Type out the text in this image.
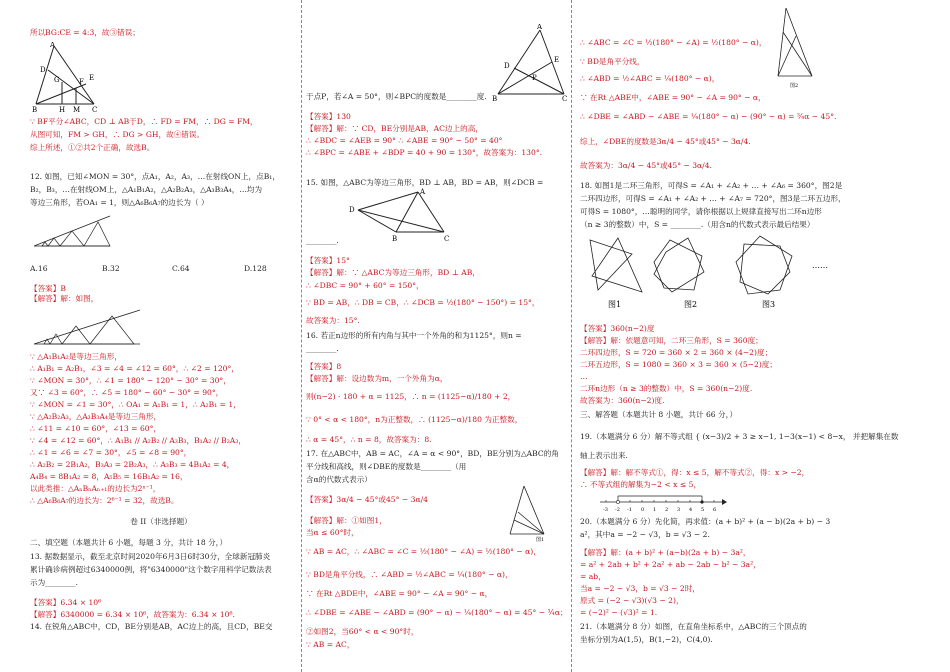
所以BG:CE = 4:3，故③错误；
A
D
G	F E
B	H M C
∵ BF平分∠ABC，CD ⊥ AB于D，∴ FD = FM，∴ DG = FM，
从图可知，FM > GH，∴ DG > GH，故④错误。
综上所述，①②共2个正确，故选B。
12. 如图，已知∠MON = 30°，点A₁，A₂，A₃，…在射线ON上，点B₁，
B₂，B₃，…在射线OM上，△A₁B₁A₂，△A₂B₂A₃，△A₃B₃A₄，…均为
等边三角形，若OA₁ = 1，则△A₆B₆A₇的边长为（ ）
A.16	B.32	C.64	D.128
【答案】B
【解答】解：如图，
∵ △A₁B₁A₂是等边三角形，
∴ A₁B₁ = A₂B₁，∠3 = ∠4 = ∠12 = 60°，∴ ∠2 = 120°，
∵ ∠MON = 30°，∴ ∠1 = 180° − 120° − 30° = 30°，
又∵ ∠3 = 60°，∴ ∠5 = 180° − 60° − 30° = 90°，
∵ ∠MON = ∠1 = 30°，∴ OA₁ = A₁B₁ = 1，∴ A₂B₁ = 1，
∵ △A₂B₂A₃，△A₃B₃A₄是等边三角形，
∴ ∠11 = ∠10 = 60°，∠13 = 60°，
∵ ∠4 = ∠12 = 60°，∴ A₁B₁ // A₂B₂ // A₃B₃，B₁A₂ // B₂A₃，
∴ ∠1 = ∠6 = ∠7 = 30°，∠5 = ∠8 = 90°，
∴ A₂B₂ = 2B₁A₂，B₃A₃ = 2B₂A₃，∴ A₃B₃ = 4B₁A₂ = 4，
A₄B₄ = 8B₁A₂ = 8，A₅B₅ = 16B₁A₂ = 16，
以此类推：△AₙBₙAₙ₊₁的边长为2ⁿ⁻¹，
∴ △A₆B₆A₇的边长为：2⁶⁻¹ = 32，故选B。
卷 II（非选择题）
二、填空题（本题共计 6 小题，每题 3 分，共计 18 分，）
13. 据数据显示，截至北京时间2020年6月3日6时30分，全球新冠肺炎
累计确诊病例超过6340000例，将"6340000"这个数字用科学记数法表
示为________.
【答案】6.34 × 10⁶
【解答】6340000 = 6.34 × 10⁶，故答案为：6.34 × 10⁶.
14. 在锐角△ABC中，CD，BE分别是AB，AC边上的高，且CD，BE交
A
D
E
P
B	C
于点P，若∠A = 50°，则∠BPC的度数是________度.
【答案】130
【解答】解：∵ CD，BE分别是AB，AC边上的高，
∴ ∠BDC = ∠AEB = 90° ∴ ∠ABE = 90° − 50° = 40°
∴ ∠BPC = ∠ABE + ∠BDP = 40 + 90 = 130°，故答案为：130°.
15. 如图，△ABC为等边三角形，BD ⊥ AB，BD = AB，则∠DCB =
A
D
B	C
________.
【答案】15°
【解答】解：∵ △ABC为等边三角形，BD ⊥ AB，
∴ ∠DBC = 90° + 60° = 150°，
∵ BD = AB，∴ DB = CB，∴ ∠DCB = ½(180° − 150°) = 15°，
故答案为：15°.
16. 若正n边形的所有内角与其中一个外角的和为1125°，则n =
________.
【答案】8
【解答】解：设边数为m，一个外角为α，
则(n−2) · 180 + α = 1125，∴ n = (1125−α)/180 + 2，
∵ 0° < α < 180°，n为正整数，∴ (1125−α)/180 为正整数，
∴ α = 45°，∴ n = 8，故答案为：8.
17. 在△ABC中，AB = AC，∠A = α < 90°，BD，BE分别为△ABC的角
平分线和高线，则∠DBE的度数是________（用
含α的代数式表示）
图1
【答案】3α/4 − 45°或45° − 3α/4
【解答】解：①如图1，
当α ≤ 60°时，
∵ AB = AC，∴ ∠ABC = ∠C = ½(180° − ∠A) = ½(180° − α)，
∵ BD是角平分线，∴ ∠ABD = ½∠ABC = ¼(180° − α)，
∵ 在Rt △BDE中，∠ABE = 90° − ∠A = 90° − α，
∴ ∠DBE = ∠ABE − ∠ABD = (90° − α) − ¼(180° − α) = 45° − ¾α；
②如图2，当60° < α < 90°时，
∵ AB = AC，
∴ ∠ABC = ∠C = ½(180° − ∠A) = ½(180° − α)，
∵ BD是角平分线，
∴ ∠ABD = ½∠ABC = ¼(180° − α)，
∵ 在Rt △ABE中，∠ABE = 90° − ∠A = 90° − α，
∴ ∠DBE = ∠ABD − ∠ABE = ¼(180° − α) − (90° − α) = ¾α − 45°.
综上，∠DBE的度数是3α/4 − 45°或45° − 3α/4.
故答案为：3α/4 − 45°或45° − 3α/4.
图2
18. 如图1是二环三角形，可得S = ∠A₁ + ∠A₂ + … + ∠A₆ = 360°，图2是
二环四边形，可得S = ∠A₁ + ∠A₂ + … + ∠A₇ = 720°，图3是二环五边形，
可得S = 1080°，…聪明的同学，请你根据以上规律直接写出二环n边形
（n ≥ 3的整数）中，S = ________.（用含n的代数式表示最后结果）
图1	图2	图3
……
【答案】360(n−2)度
【解答】解：依题意可知，二环三角形，S = 360度；
二环四边形，S = 720 = 360 × 2 = 360 × (4−2)度；
二环五边形，S = 1080 = 360 × 3 = 360 × (5−2)度；
…
二环n边形（n ≥ 3的整数）中，S = 360(n−2)度.
故答案为：360(n−2)度.
三、解答题（本题共计 8 小题，共计 66 分，）
19.（本题满分 6 分）解不等式组 { (x−3)/2 + 3 ≥ x−1, 1−3(x−1) < 8−x， 并把解集在数
轴上表示出来.
【解答】解：解不等式①，得：x ≤ 5，解不等式②，得：x > −2，
∴ 不等式组的解集为−2 < x ≤ 5，
-3 -2 -1 0 1 2 3 4 5 6
20.（本题满分 6 分）先化简，再求值：(a + b)² + (a − b)(2a + b) − 3
a²，其中a = −2 − √3，b = √3 − 2.
【解答】解：(a + b)² + (a−b)(2a + b) − 3a²，
= a² + 2ab + b² + 2a² + ab − 2ab − b² − 3a²，
= ab，
当a = −2 − √3，b = √3 − 2时，
原式 = (−2 − √3)(√3 − 2)，
= (−2)² − (√3)² = 1.
21.（本题满分 8 分）如图，在直角坐标系中，△ABC的三个顶点的
坐标分别为A(1,5)，B(1,−2)，C(4,0).
